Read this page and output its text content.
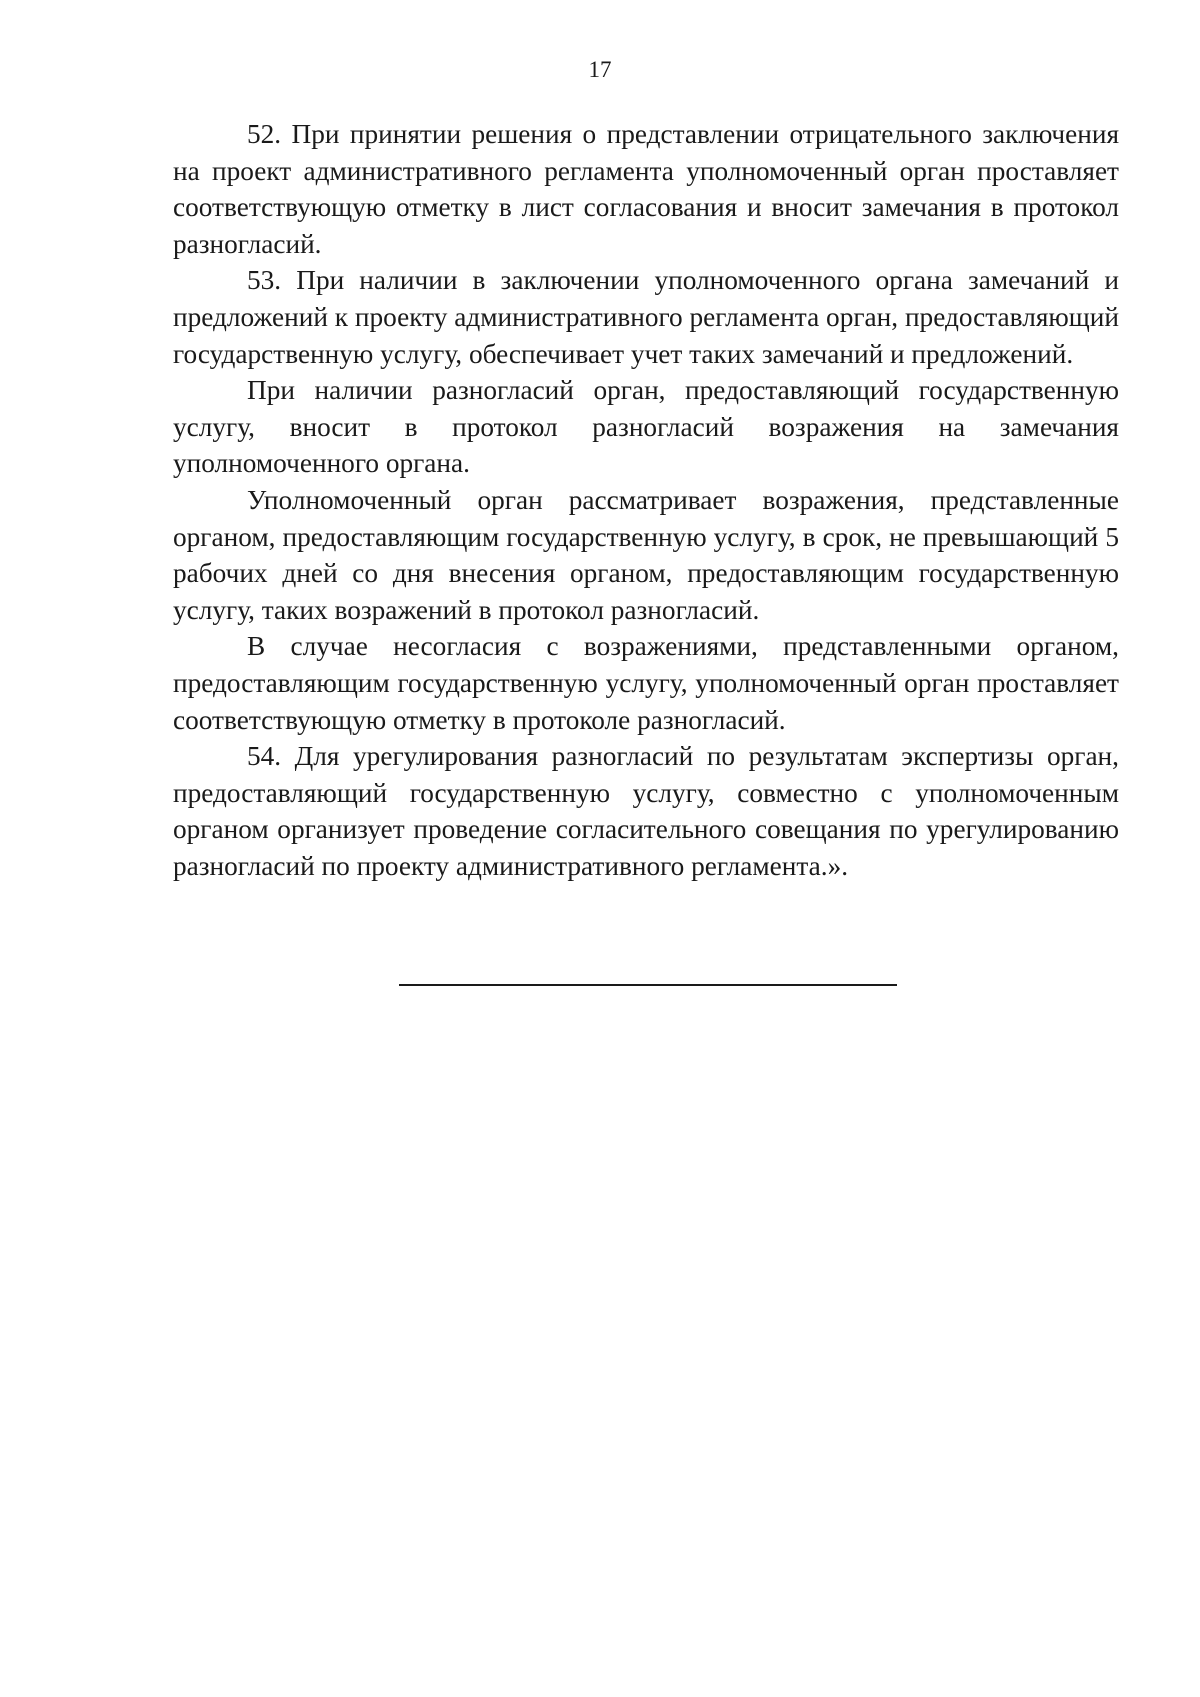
17

52. При принятии решения о представлении отрицательного заключения на проект административного регламента уполномоченный орган проставляет соответствующую отметку в лист согласования и вносит замечания в протокол разногласий.

53. При наличии в заключении уполномоченного органа замечаний и предложений к проекту административного регламента орган, предоставляющий государственную услугу, обеспечивает учет таких замечаний и предложений.

При наличии разногласий орган, предоставляющий государственную услугу, вносит в протокол разногласий возражения на замечания уполномоченного органа.

Уполномоченный орган рассматривает возражения, представленные органом, предоставляющим государственную услугу, в срок, не превышающий 5 рабочих дней со дня внесения органом, предоставляющим государственную услугу, таких возражений в протокол разногласий.

В случае несогласия с возражениями, представленными органом, предоставляющим государственную услугу, уполномоченный орган проставляет соответствующую отметку в протоколе разногласий.

54. Для урегулирования разногласий по результатам экспертизы орган, предоставляющий государственную услугу, совместно с уполномоченным органом организует проведение согласительного совещания по урегулированию разногласий по проекту административного регламента.».
